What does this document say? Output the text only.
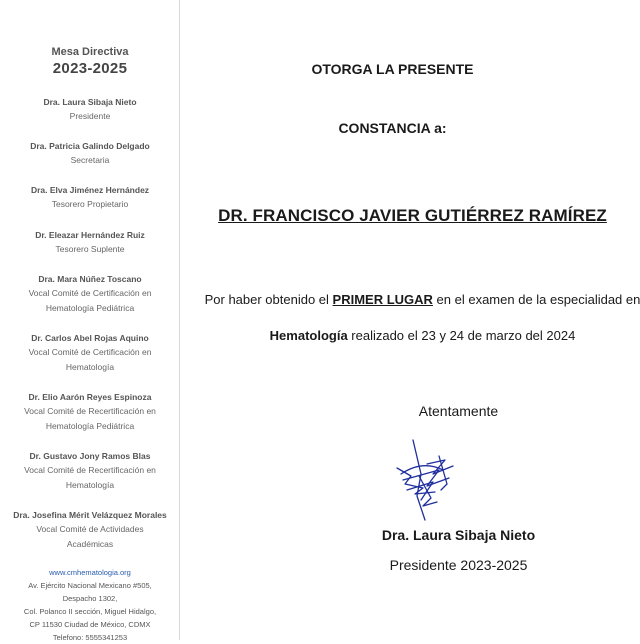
Mesa Directiva
2023-2025
Dra. Laura Sibaja Nieto
Presidente
Dra. Patricia Galindo Delgado
Secretaria
Dra. Elva Jiménez Hernández
Tesorero Propietario
Dr. Eleazar Hernández Ruiz
Tesorero Suplente
Dra. Mara Núñez Toscano
Vocal Comité de Certificación en
Hematología Pediátrica
Dr. Carlos Abel Rojas Aquino
Vocal Comité de Certificación en
Hematología
Dr. Elio Aarón Reyes Espinoza
Vocal Comité de Recertificación en
Hematología Pediátrica
Dr. Gustavo Jony Ramos Blas
Vocal Comité de Recertificación en
Hematología
Dra. Josefina Mérit Velázquez Morales
Vocal Comité de Actividades
Académicas
www.cmhematologia.org
Av. Ejército Nacional Mexicano #505,
Despacho 1302,
Col. Polanco II sección, Miguel Hidalgo,
CP 11530 Ciudad de México, CDMX
Telefono: 5555341253
OTORGA LA PRESENTE
CONSTANCIA a:
DR. FRANCISCO JAVIER GUTIÉRREZ RAMÍREZ
Por haber obtenido el PRIMER LUGAR en el examen de la especialidad en
Hematología realizado el 23 y 24 de marzo del 2024
Atentamente
Dra. Laura Sibaja Nieto
Presidente 2023-2025
